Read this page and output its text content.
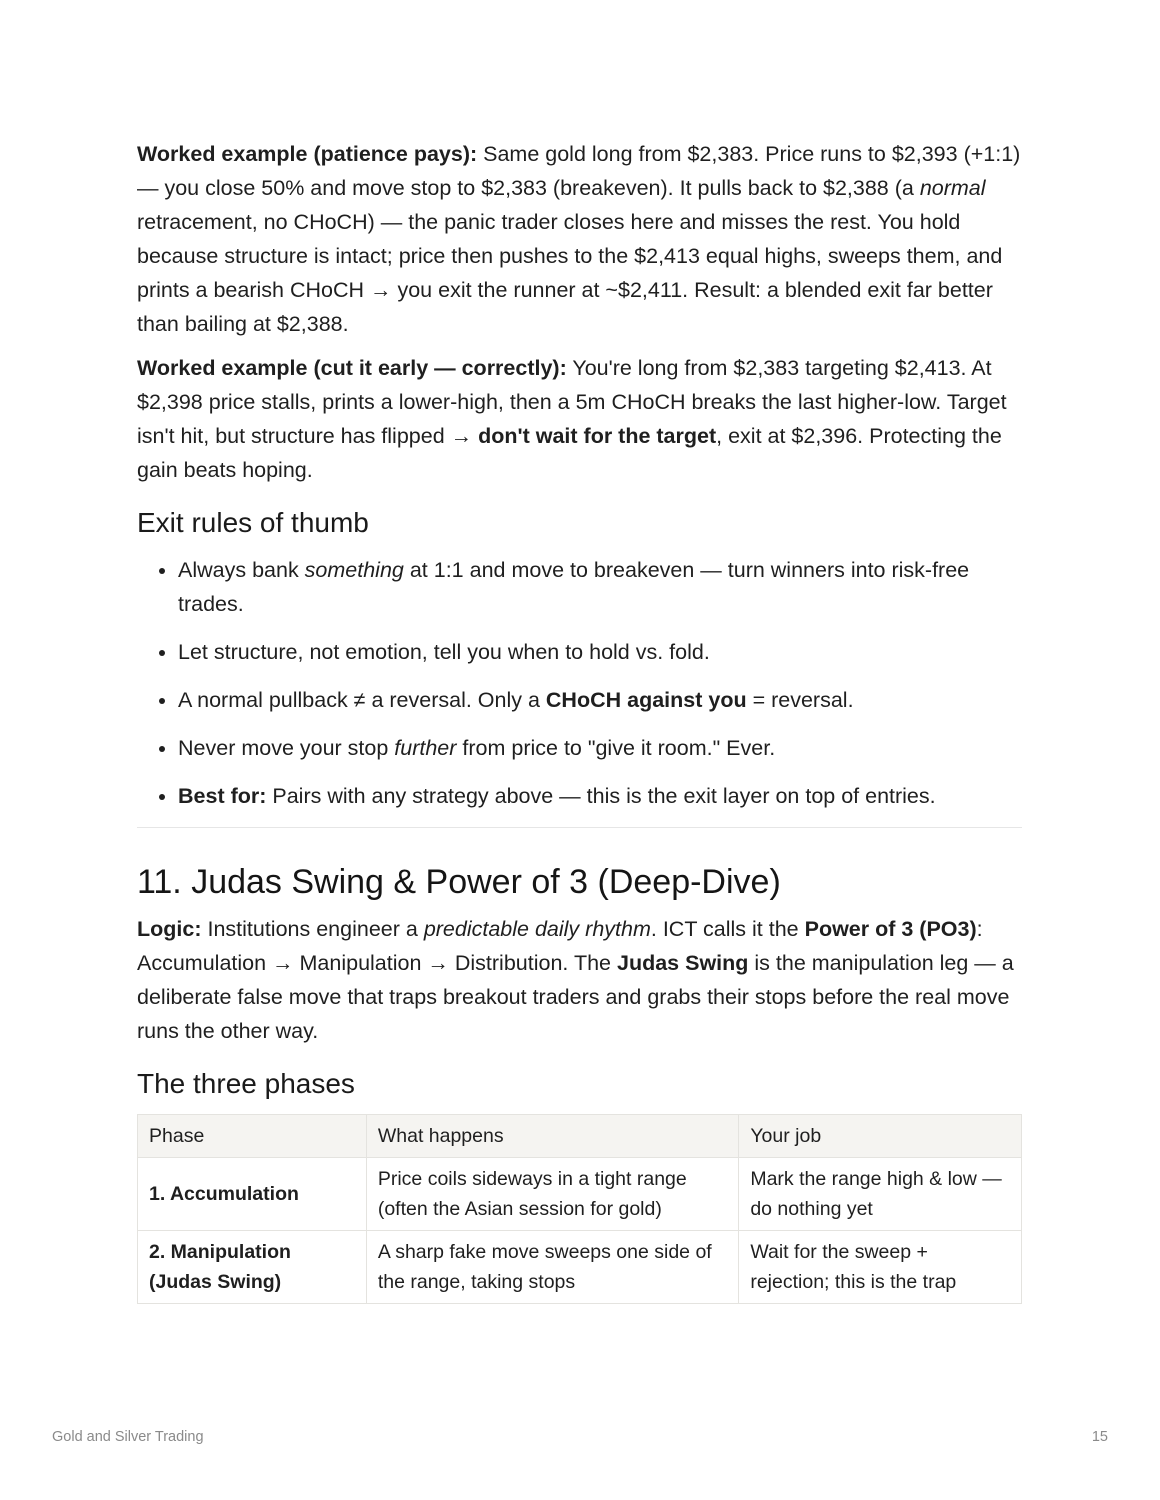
Worked example (patience pays): Same gold long from $2,383. Price runs to $2,393 (+1:1) — you close 50% and move stop to $2,383 (breakeven). It pulls back to $2,388 (a normal retracement, no CHoCH) — the panic trader closes here and misses the rest. You hold because structure is intact; price then pushes to the $2,413 equal highs, sweeps them, and prints a bearish CHoCH → you exit the runner at ~$2,411. Result: a blended exit far better than bailing at $2,388.

Worked example (cut it early — correctly): You're long from $2,383 targeting $2,413. At $2,398 price stalls, prints a lower-high, then a 5m CHoCH breaks the last higher-low. Target isn't hit, but structure has flipped → don't wait for the target, exit at $2,396. Protecting the gain beats hoping.

Exit rules of thumb
• Always bank something at 1:1 and move to breakeven — turn winners into risk-free trades.
• Let structure, not emotion, tell you when to hold vs. fold.
• A normal pullback ≠ a reversal. Only a CHoCH against you = reversal.
• Never move your stop further from price to "give it room." Ever.
• Best for: Pairs with any strategy above — this is the exit layer on top of entries.
11. Judas Swing & Power of 3 (Deep-Dive)

Logic: Institutions engineer a predictable daily rhythm. ICT calls it the Power of 3 (PO3): Accumulation → Manipulation → Distribution. The Judas Swing is the manipulation leg — a deliberate false move that traps breakout traders and grabs their stops before the real move runs the other way.

The three phases
Phase	What happens	Your job
1. Accumulation	Price coils sideways in a tight range (often the Asian session for gold)	Mark the range high & low — do nothing yet
2. Manipulation (Judas Swing)	A sharp fake move sweeps one side of the range, taking stops	Wait for the sweep + rejection; this is the trap
Gold and Silver Trading	15
